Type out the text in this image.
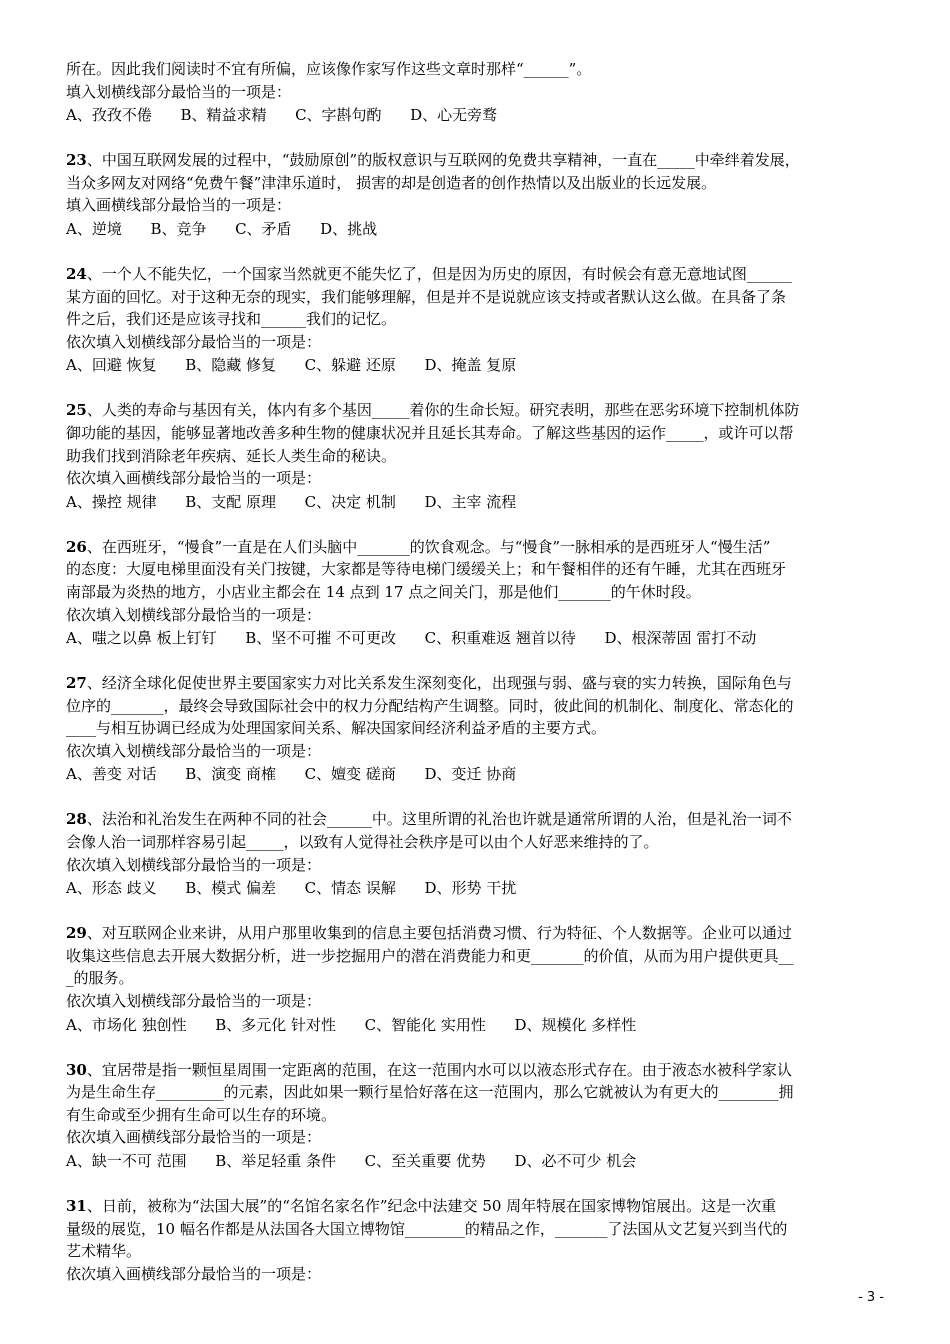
所在。因此我们阅读时不宜有所偏，应该像作家写作这些文章时那样“______”。
填入划横线部分最恰当的一项是：
A、孜孜不倦      B、精益求精      C、字斟句酌      D、心无旁骛
23、中国互联网发展的过程中，“鼓励原创”的版权意识与互联网的免费共享精神，一直在_____中牵绊着发展，
当众多网友对网络“免费午餐”津津乐道时， 损害的却是创造者的创作热情以及出版业的长远发展。
填入画横线部分最恰当的一项是：
A、逆境      B、竞争      C、矛盾      D、挑战
24、一个人不能失忆，一个国家当然就更不能失忆了，但是因为历史的原因，有时候会有意无意地试图______
某方面的回忆。对于这种无奈的现实，我们能够理解，但是并不是说就应该支持或者默认这么做。在具备了条
件之后，我们还是应该寻找和______我们的记忆。
依次填入划横线部分最恰当的一项是：
A、回避 恢复      B、隐藏 修复      C、躲避 还原      D、掩盖 复原
25、人类的寿命与基因有关，体内有多个基因_____着你的生命长短。研究表明，那些在恶劣环境下控制机体防
御功能的基因，能够显著地改善多种生物的健康状况并且延长其寿命。了解这些基因的运作_____，或许可以帮
助我们找到消除老年疾病、延长人类生命的秘诀。
依次填入画横线部分最恰当的一项是：
A、操控 规律      B、支配 原理      C、决定 机制      D、主宰 流程
26、在西班牙，“慢食”一直是在人们头脑中_______的饮食观念。与“慢食”一脉相承的是西班牙人“慢生活”
的态度：大厦电梯里面没有关门按键，大家都是等待电梯门缓缓关上；和午餐相伴的还有午睡，尤其在西班牙
南部最为炎热的地方，小店业主都会在 14 点到 17 点之间关门，那是他们_______的午休时段。
依次填入划横线部分最恰当的一项是：
A、嗤之以鼻 板上钉钉      B、坚不可摧 不可更改      C、积重难返 翘首以待      D、根深蒂固 雷打不动
27、经济全球化促使世界主要国家实力对比关系发生深刻变化，出现强与弱、盛与衰的实力转换，国际角色与
位序的_______，最终会导致国际社会中的权力分配结构产生调整。同时，彼此间的机制化、制度化、常态化的
____与相互协调已经成为处理国家间关系、解决国家间经济利益矛盾的主要方式。
依次填入划横线部分最恰当的一项是：
A、善变 对话      B、演变 商榷      C、嬗变 磋商      D、变迁 协商
28、法治和礼治发生在两种不同的社会______中。这里所谓的礼治也许就是通常所谓的人治，但是礼治一词不
会像人治一词那样容易引起_____，以致有人觉得社会秩序是可以由个人好恶来维持的了。
依次填入划横线部分最恰当的一项是：
A、形态 歧义      B、模式 偏差      C、情态 误解      D、形势 干扰
29、对互联网企业来讲，从用户那里收集到的信息主要包括消费习惯、行为特征、个人数据等。企业可以通过
收集这些信息去开展大数据分析，进一步挖掘用户的潜在消费能力和更_______的价值，从而为用户提供更具__
_的服务。
依次填入划横线部分最恰当的一项是：
A、市场化 独创性      B、多元化 针对性      C、智能化 实用性      D、规模化 多样性
30、宜居带是指一颗恒星周围一定距离的范围，在这一范围内水可以以液态形式存在。由于液态水被科学家认
为是生命生存_________的元素，因此如果一颗行星恰好落在这一范围内，那么它就被认为有更大的________拥
有生命或至少拥有生命可以生存的环境。
依次填入画横线部分最恰当的一项是：
A、缺一不可 范围      B、举足轻重 条件      C、至关重要 优势      D、必不可少 机会
31、日前，被称为“法国大展”的“名馆名家名作”纪念中法建交 50 周年特展在国家博物馆展出。这是一次重
量级的展览，10 幅名作都是从法国各大国立博物馆________的精品之作，_______了法国从文艺复兴到当代的
艺术精华。
依次填入画横线部分最恰当的一项是：
- 3 -
